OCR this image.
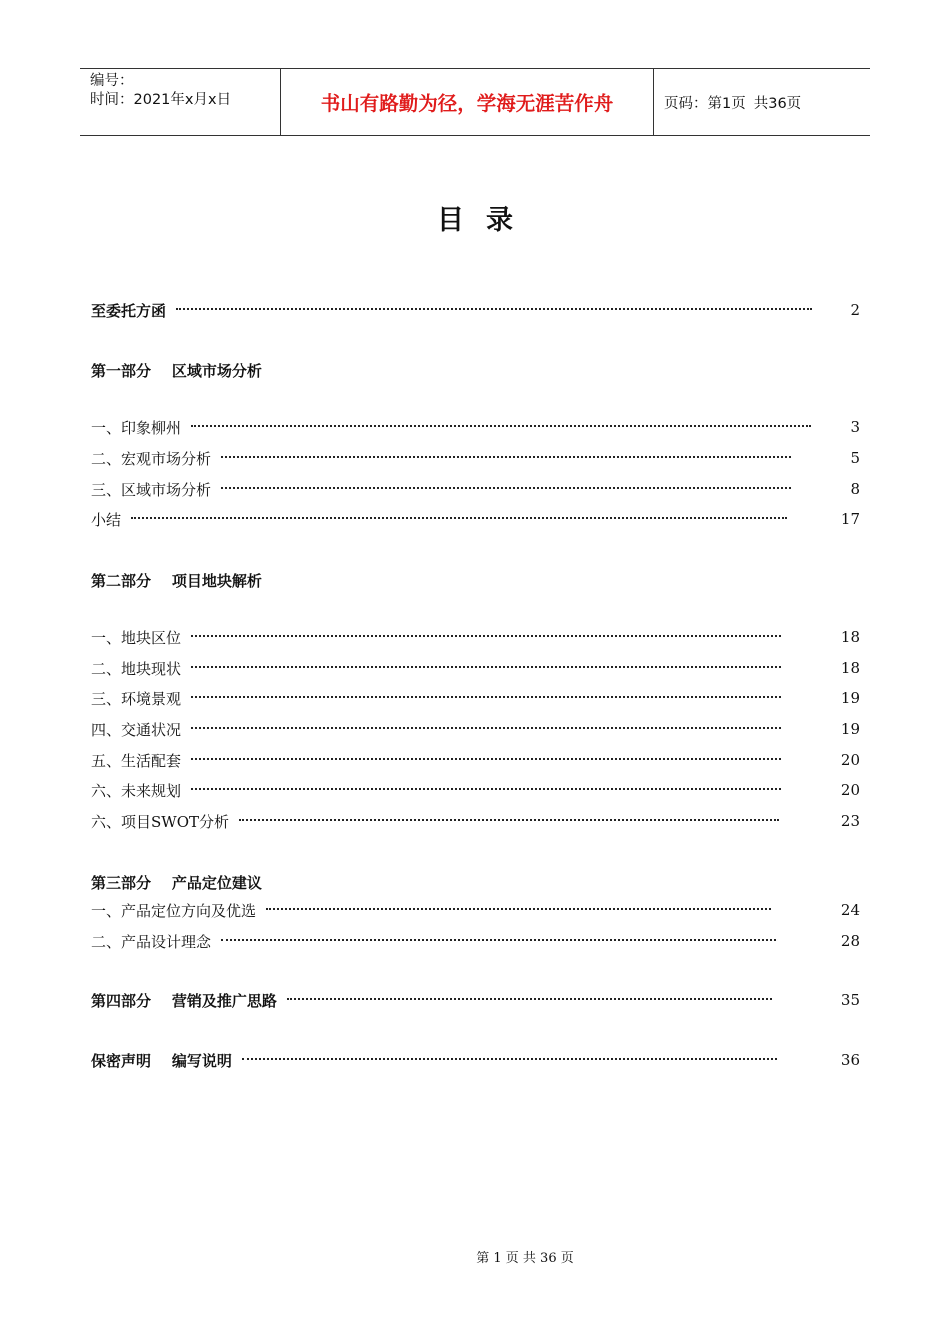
编号：
时间：2021年x月x日	书山有路勤为径，学海无涯苦作舟	页码：第1页 共36页
目录
至委托方函	2
第一部分    区域市场分析
一、印象柳州	3
二、宏观市场分析	5
三、区域市场分析	8
小结	17
第二部分    项目地块解析
一、地块区位	18
二、地块现状	18
三、环境景观	19
四、交通状况	19
五、生活配套	20
六、未来规划	20
六、项目SWOT分析	23
第三部分    产品定位建议
一、产品定位方向及优选	24
二、产品设计理念	28
第四部分    营销及推广思路	35
保密声明    编写说明	36
第 1 页 共 36 页
